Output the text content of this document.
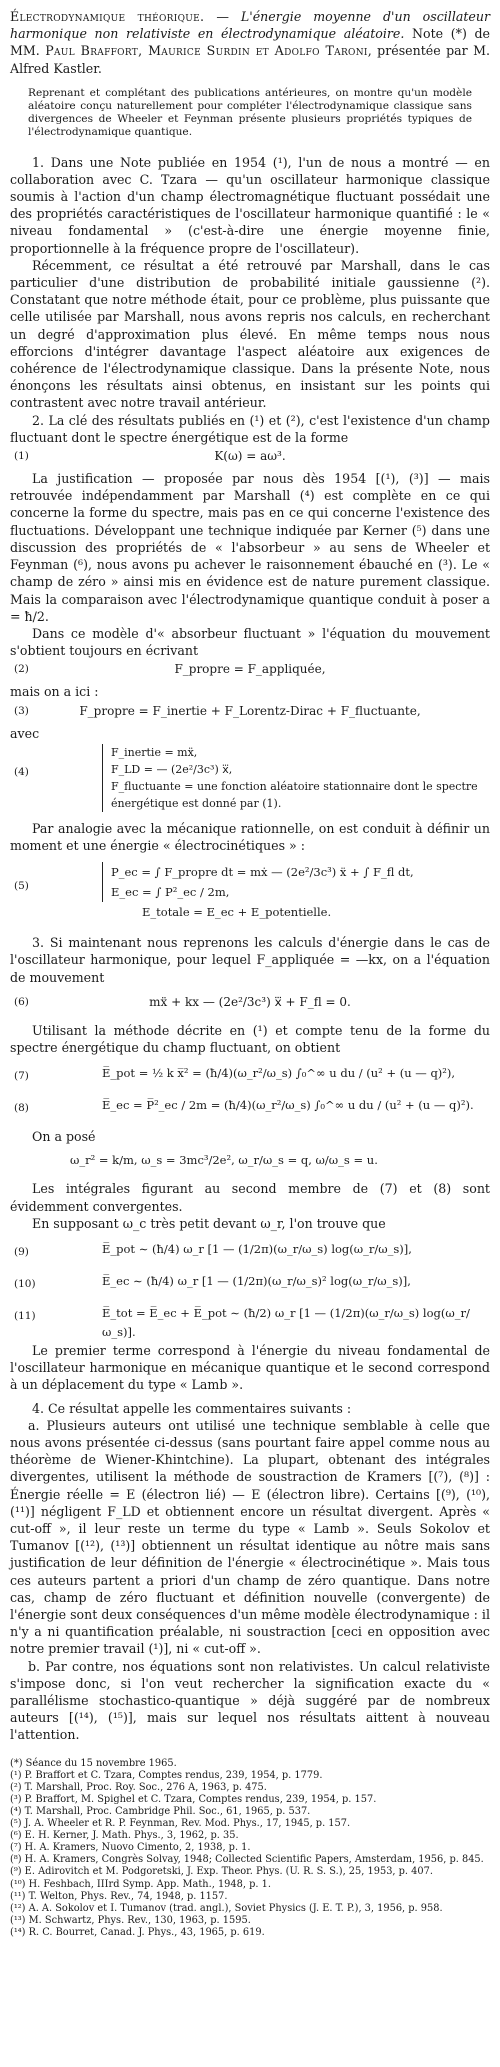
Électrodynamique théorique. — L'énergie moyenne d'un oscillateur harmonique non relativiste en électrodynamique aléatoire. Note (*) de MM. Paul Braffort, Maurice Surdin et Adolfo Taroni, présentée par M. Alfred Kastler.
Reprenant et complétant des publications antérieures, on montre qu'un modèle aléatoire conçu naturellement pour compléter l'électrodynamique classique sans divergences de Wheeler et Feynman présente plusieurs propriétés typiques de l'électrodynamique quantique.

1. Dans une Note publiée en 1954 (¹), l'un de nous a montré — en collaboration avec C. Tzara — qu'un oscillateur harmonique classique soumis à l'action d'un champ électromagnétique fluctuant possédait une des propriétés caractéristiques de l'oscillateur harmonique quantifié : le « niveau fondamental » (c'est-à-dire une énergie moyenne finie, proportionnelle à la fréquence propre de l'oscillateur).

Récemment, ce résultat a été retrouvé par Marshall, dans le cas particulier d'une distribution de probabilité initiale gaussienne (²). Constatant que notre méthode était, pour ce problème, plus puissante que celle utilisée par Marshall, nous avons repris nos calculs, en recherchant un degré d'approximation plus élevé. En même temps nous nous efforcions d'intégrer davantage l'aspect aléatoire aux exigences de cohérence de l'électrodynamique classique. Dans la présente Note, nous énonçons les résultats ainsi obtenus, en insistant sur les points qui contrastent avec notre travail antérieur.

2. La clé des résultats publiés en (¹) et (²), c'est l'existence d'un champ fluctuant dont le spectre énergétique est de la forme

(1)	K(ω) = aω³.

La justification — proposée par nous dès 1954 [(¹), (³)] — mais retrouvée indépendamment par Marshall (⁴) est complète en ce qui concerne la forme du spectre, mais pas en ce qui concerne l'existence des fluctuations. Développant une technique indiquée par Kerner (⁵) dans une discussion des propriétés de « l'absorbeur » au sens de Wheeler et Feynman (⁶), nous avons pu achever le raisonnement ébauché en (³). Le « champ de zéro » ainsi mis en évidence est de nature purement classique. Mais la comparaison avec l'électrodynamique quantique conduit à poser a = ħ/2.

Dans ce modèle d'« absorbeur fluctuant » l'équation du mouvement s'obtient toujours en écrivant

(2)	F_propre = F_appliquée,

mais on a ici :

(3)	F_propre = F_inertie + F_Lorentz-Dirac + F_fluctuante,

avec

(4)
F_inertie = mẍ,
F_LD = — (2e²/3c³) x⃛,
F_fluctuante = une fonction aléatoire stationnaire dont le spectre énergétique est donné par (1).

Par analogie avec la mécanique rationnelle, on est conduit à définir un moment et une énergie « électrocinétiques » :

(5)
P_ec = ∫ F_propre dt = mẋ — (2e²/3c³) ẍ + ∫ F_fl dt,
E_ec = ∫ P²_ec / 2m,
E_totale = E_ec + E_potentielle.

3. Si maintenant nous reprenons les calculs d'énergie dans le cas de l'oscillateur harmonique, pour lequel F_appliquée = —kx, on a l'équation de mouvement

(6)	mẍ + kx — (2e²/3c³) x⃛ + F_fl = 0.

Utilisant la méthode décrite en (¹) et compte tenu de la forme du spectre énergétique du champ fluctuant, on obtient

(7)	E̅_pot = ½ k x̅² = (ħ/4)(ω_r²/ω_s) ∫₀^∞ u du / (u² + (u — q)²),
(8)	E̅_ec = P̅²_ec / 2m = (ħ/4)(ω_r²/ω_s) ∫₀^∞ u du / (u² + (u — q)²).

On a posé

ω_r² = k/m, ω_s = 3mc³/2e², ω_r/ω_s = q, ω/ω_s = u.

Les intégrales figurant au second membre de (7) et (8) sont évidemment convergentes.

En supposant ω_c très petit devant ω_r, l'on trouve que

(9)	E̅_pot ∼ (ħ/4) ω_r [1 — (1/2π)(ω_r/ω_s) log(ω_r/ω_s)],
(10)	E̅_ec ∼ (ħ/4) ω_r [1 — (1/2π)(ω_r/ω_s)² log(ω_r/ω_s)],
(11)	E̅_tot = E̅_ec + E̅_pot ∼ (ħ/2) ω_r [1 — (1/2π)(ω_r/ω_s) log(ω_r/ω_s)].

Le premier terme correspond à l'énergie du niveau fondamental de l'oscillateur harmonique en mécanique quantique et le second correspond à un déplacement du type « Lamb ».

4. Ce résultat appelle les commentaires suivants :

a. Plusieurs auteurs ont utilisé une technique semblable à celle que nous avons présentée ci-dessus (sans pourtant faire appel comme nous au théorème de Wiener-Khintchine). La plupart, obtenant des intégrales divergentes, utilisent la méthode de soustraction de Kramers [(⁷), (⁸)] : Énergie réelle = E (électron lié) — E (électron libre). Certains [(⁹), (¹⁰), (¹¹)] négligent F_LD et obtiennent encore un résultat divergent. Après « cut-off », il leur reste un terme du type « Lamb ». Seuls Sokolov et Tumanov [(¹²), (¹³)] obtiennent un résultat identique au nôtre mais sans justification de leur définition de l'énergie « électrocinétique ». Mais tous ces auteurs partent a priori d'un champ de zéro quantique. Dans notre cas, champ de zéro fluctuant et définition nouvelle (convergente) de l'énergie sont deux conséquences d'un même modèle électrodynamique : il n'y a ni quantification préalable, ni soustraction [ceci en opposition avec notre premier travail (¹)], ni « cut-off ».

b. Par contre, nos équations sont non relativistes. Un calcul relativiste s'impose donc, si l'on veut rechercher la signification exacte du « parallélisme stochastico-quantique » déjà suggéré par de nombreux auteurs [(¹⁴), (¹⁵)], mais sur lequel nos résultats aittent à nouveau l'attention.

(*) Séance du 15 novembre 1965.
(¹) P. Braffort et C. Tzara, Comptes rendus, 239, 1954, p. 1779.
(²) T. Marshall, Proc. Roy. Soc., 276 A, 1963, p. 475.
(³) P. Braffort, M. Spighel et C. Tzara, Comptes rendus, 239, 1954, p. 157.
(⁴) T. Marshall, Proc. Cambridge Phil. Soc., 61, 1965, p. 537.
(⁵) J. A. Wheeler et R. P. Feynman, Rev. Mod. Phys., 17, 1945, p. 157.
(⁶) E. H. Kerner, J. Math. Phys., 3, 1962, p. 35.
(⁷) H. A. Kramers, Nuovo Cimento, 2, 1938, p. 1.
(⁸) H. A. Kramers, Congrès Solvay, 1948; Collected Scientific Papers, Amsterdam, 1956, p. 845.
(⁹) E. Adirovitch et M. Podgoretski, J. Exp. Theor. Phys. (U. R. S. S.), 25, 1953, p. 407.
(¹⁰) H. Feshbach, IIIrd Symp. App. Math., 1948, p. 1.
(¹¹) T. Welton, Phys. Rev., 74, 1948, p. 1157.
(¹²) A. A. Sokolov et I. Tumanov (trad. angl.), Soviet Physics (J. E. T. P.), 3, 1956, p. 958.
(¹³) M. Schwartz, Phys. Rev., 130, 1963, p. 1595.
(¹⁴) R. C. Bourret, Canad. J. Phys., 43, 1965, p. 619.
